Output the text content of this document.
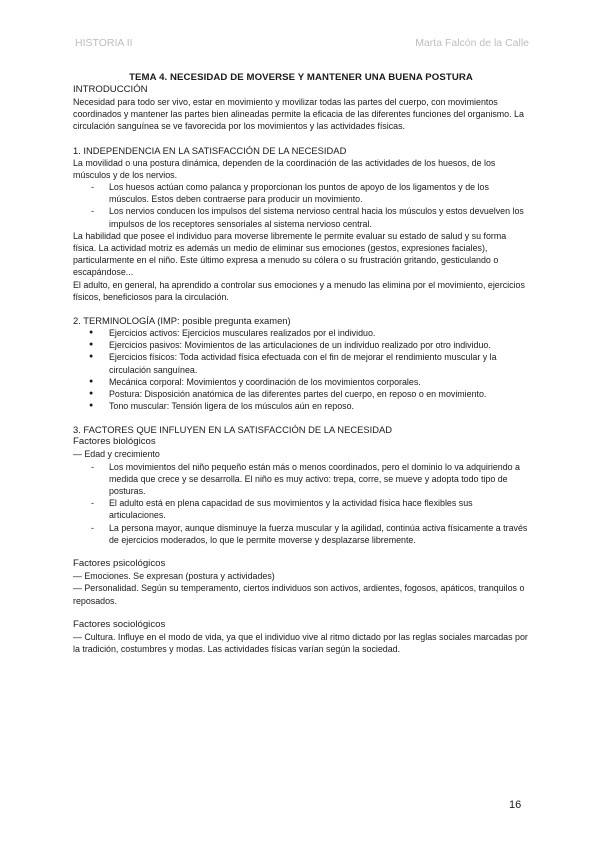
HISTORIA II	Marta Falcón de la Calle
TEMA 4. NECESIDAD DE MOVERSE Y MANTENER UNA BUENA POSTURA
INTRODUCCIÓN

Necesidad para todo ser vivo, estar en movimiento y movilizar todas las partes del cuerpo, con movimientos coordinados y mantener las partes bien alineadas permite la eficacia de las diferentes funciones del organismo. La circulación sanguínea se ve favorecida por los movimientos y las actividades físicas.

1. INDEPENDENCIA EN LA SATISFACCIÓN DE LA NECESIDAD

La movilidad o una postura dinámica, dependen de la coordinación de las actividades de los huesos, de los músculos y de los nervios.

- Los huesos actúan como palanca y proporcionan los puntos de apoyo de los ligamentos y de los músculos. Estos deben contraerse para producir un movimiento.
- Los nervios conducen los impulsos del sistema nervioso central hacia los músculos y estos devuelven los impulsos de los receptores sensoriales al sistema nervioso central.

La habilidad que posee el individuo para moverse libremente le permite evaluar su estado de salud y su forma física. La actividad motriz es además un medio de eliminar sus emociones (gestos, expresiones faciales), particularmente en el niño. Este último expresa a menudo su cólera o su frustración gritando, gesticulando o escapándose...

El adulto, en general, ha aprendido a controlar sus emociones y a menudo las elimina por el movimiento, ejercicios físicos, beneficiosos para la circulación.

2. TERMINOLOGÍA (IMP: posible pregunta examen)
● Ejercicios activos: Ejercicios musculares realizados por el individuo.
● Ejercicios pasivos: Movimientos de las articulaciones de un individuo realizado por otro individuo.
● Ejercicios físicos: Toda actividad física efectuada con el fin de mejorar el rendimiento muscular y la circulación sanguínea.
● Mecánica corporal: Movimientos y coordinación de los movimientos corporales.
● Postura: Disposición anatómica de las diferentes partes del cuerpo, en reposo o en movimiento.
● Tono muscular: Tensión ligera de los músculos aún en reposo.
3. FACTORES QUE INFLUYEN EN LA SATISFACCIÓN DE LA NECESIDAD
Factores biológicos

— Edad y crecimiento

- Los movimientos del niño pequeño están más o menos coordinados, pero el dominio lo va adquiriendo a medida que crece y se desarrolla. El niño es muy activo: trepa, corre, se mueve y adopta todo tipo de posturas.
- El adulto está en plena capacidad de sus movimientos y la actividad física hace flexibles sus articulaciones.
- La persona mayor, aunque disminuye la fuerza muscular y la agilidad, continúa activa físicamente a través de ejercicios moderados, lo que le permite moverse y desplazarse libremente.
Factores psicológicos

— Emociones. Se expresan (postura y actividades)

— Personalidad. Según su temperamento, ciertos individuos son activos, ardientes, fogosos, apáticos, tranquilos o reposados.

Factores sociológicos

— Cultura. Influye en el modo de vida, ya que el individuo vive al ritmo dictado por las reglas sociales marcadas por la tradición, costumbres y modas. Las actividades físicas varían según la sociedad.

16
